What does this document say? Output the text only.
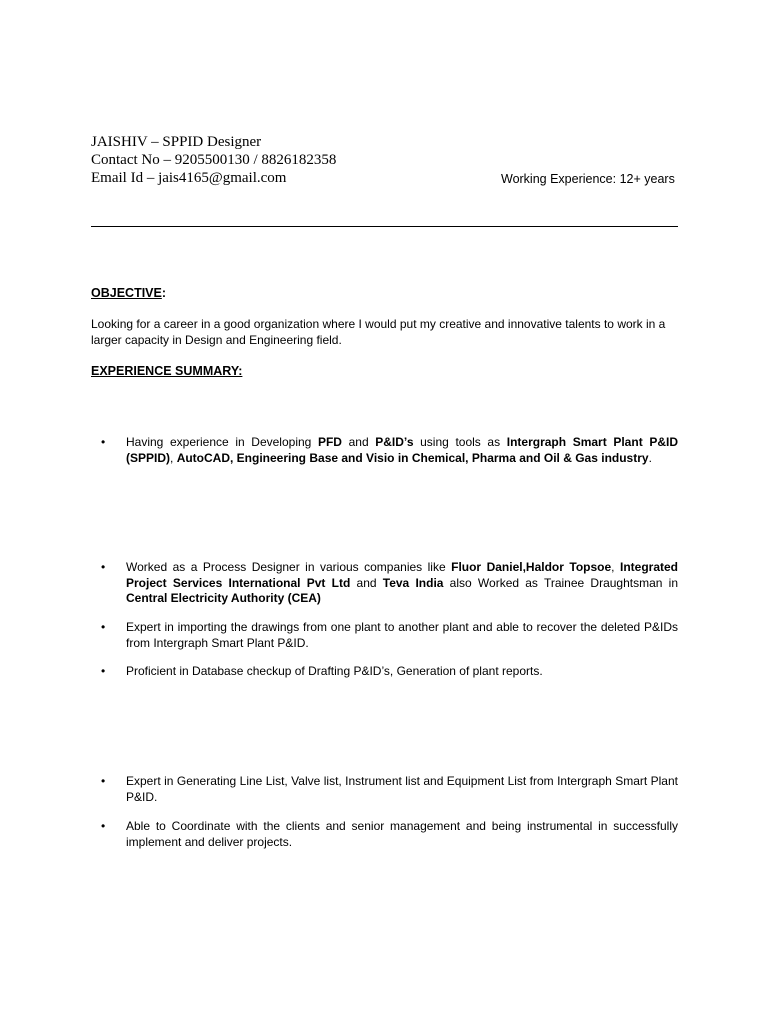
JAISHIV – SPPID Designer
Contact No – 9205500130 / 8826182358
Email Id – jais4165@gmail.com	Working Experience: 12+ years
OBJECTIVE:

Looking for a career in a good organization where I would put my creative and innovative talents to work in a larger capacity in Design and Engineering field.

EXPERIENCE SUMMARY:
•	Having experience in Developing PFD and P&ID’s using tools as Intergraph Smart Plant P&ID (SPPID), AutoCAD, Engineering Base and Visio in Chemical, Pharma and Oil & Gas industry.
•	Worked as a Process Designer in various companies like Fluor Daniel,Haldor Topsoe, Integrated Project Services International Pvt Ltd and Teva India also Worked as Trainee Draughtsman in Central Electricity Authority (CEA)
•	Expert in importing the drawings from one plant to another plant and able to recover the deleted P&IDs from Intergraph Smart Plant P&ID.
•	Proficient in Database checkup of Drafting P&ID’s, Generation of plant reports.
•	Expert in Generating Line List, Valve list, Instrument list and Equipment List from Intergraph Smart Plant P&ID.
•	Able to Coordinate with the clients and senior management and being instrumental in successfully implement and deliver projects.
